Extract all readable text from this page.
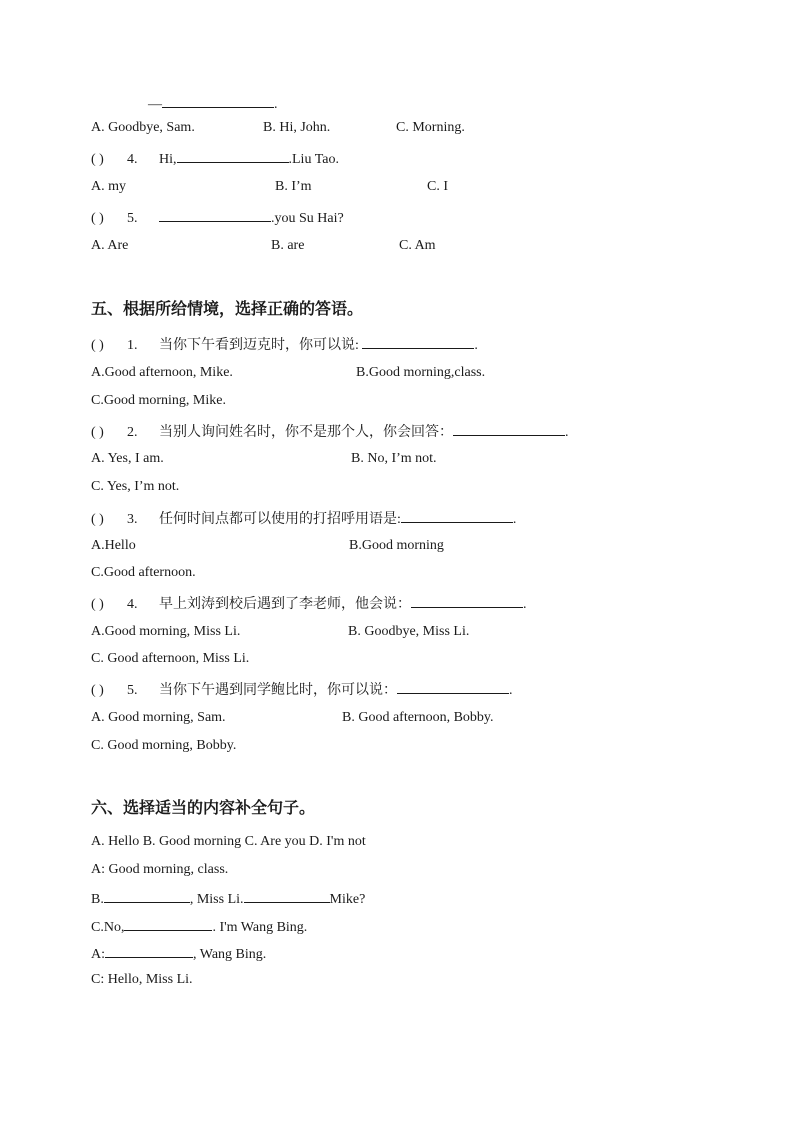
—	.
A. Goodbye, Sam.	B. Hi, John.	C. Morning.
( ) 4. Hi,	.Liu Tao.
A. my	B. I’m	C. I
( ) 5.	.you Su Hai?
A. Are	B. are	C. Am
五、根据所给情境，选择正确的答语。
( ) 1. 当你下午看到迈克时，你可以说:	.
A.Good afternoon, Mike.	B.Good morning,class.
C.Good morning, Mike.
( ) 2. 当别人询问姓名时，你不是那个人，你会回答：	.
A. Yes, I am.	B. No, I’m not.
C. Yes, I’m not.
( ) 3. 任何时间点都可以使用的打招呼用语是:	.
A.Hello	B.Good morning
C.Good afternoon.
( ) 4. 早上刘涛到校后遇到了李老师，他会说：	.
A.Good morning, Miss Li.	B. Goodbye, Miss Li.
C. Good afternoon, Miss Li.
( ) 5. 当你下午遇到同学鲍比时，你可以说：	.
A. Good morning, Sam.	B. Good afternoon, Bobby.
C. Good morning, Bobby.
六、选择适当的内容补全句子。
A. Hello B. Good morning C. Are you D. I'm not
A: Good morning, class.
B.	, Miss Li.	Mike?
C.No,	. I'm Wang Bing.
A:	, Wang Bing.
C: Hello, Miss Li.
